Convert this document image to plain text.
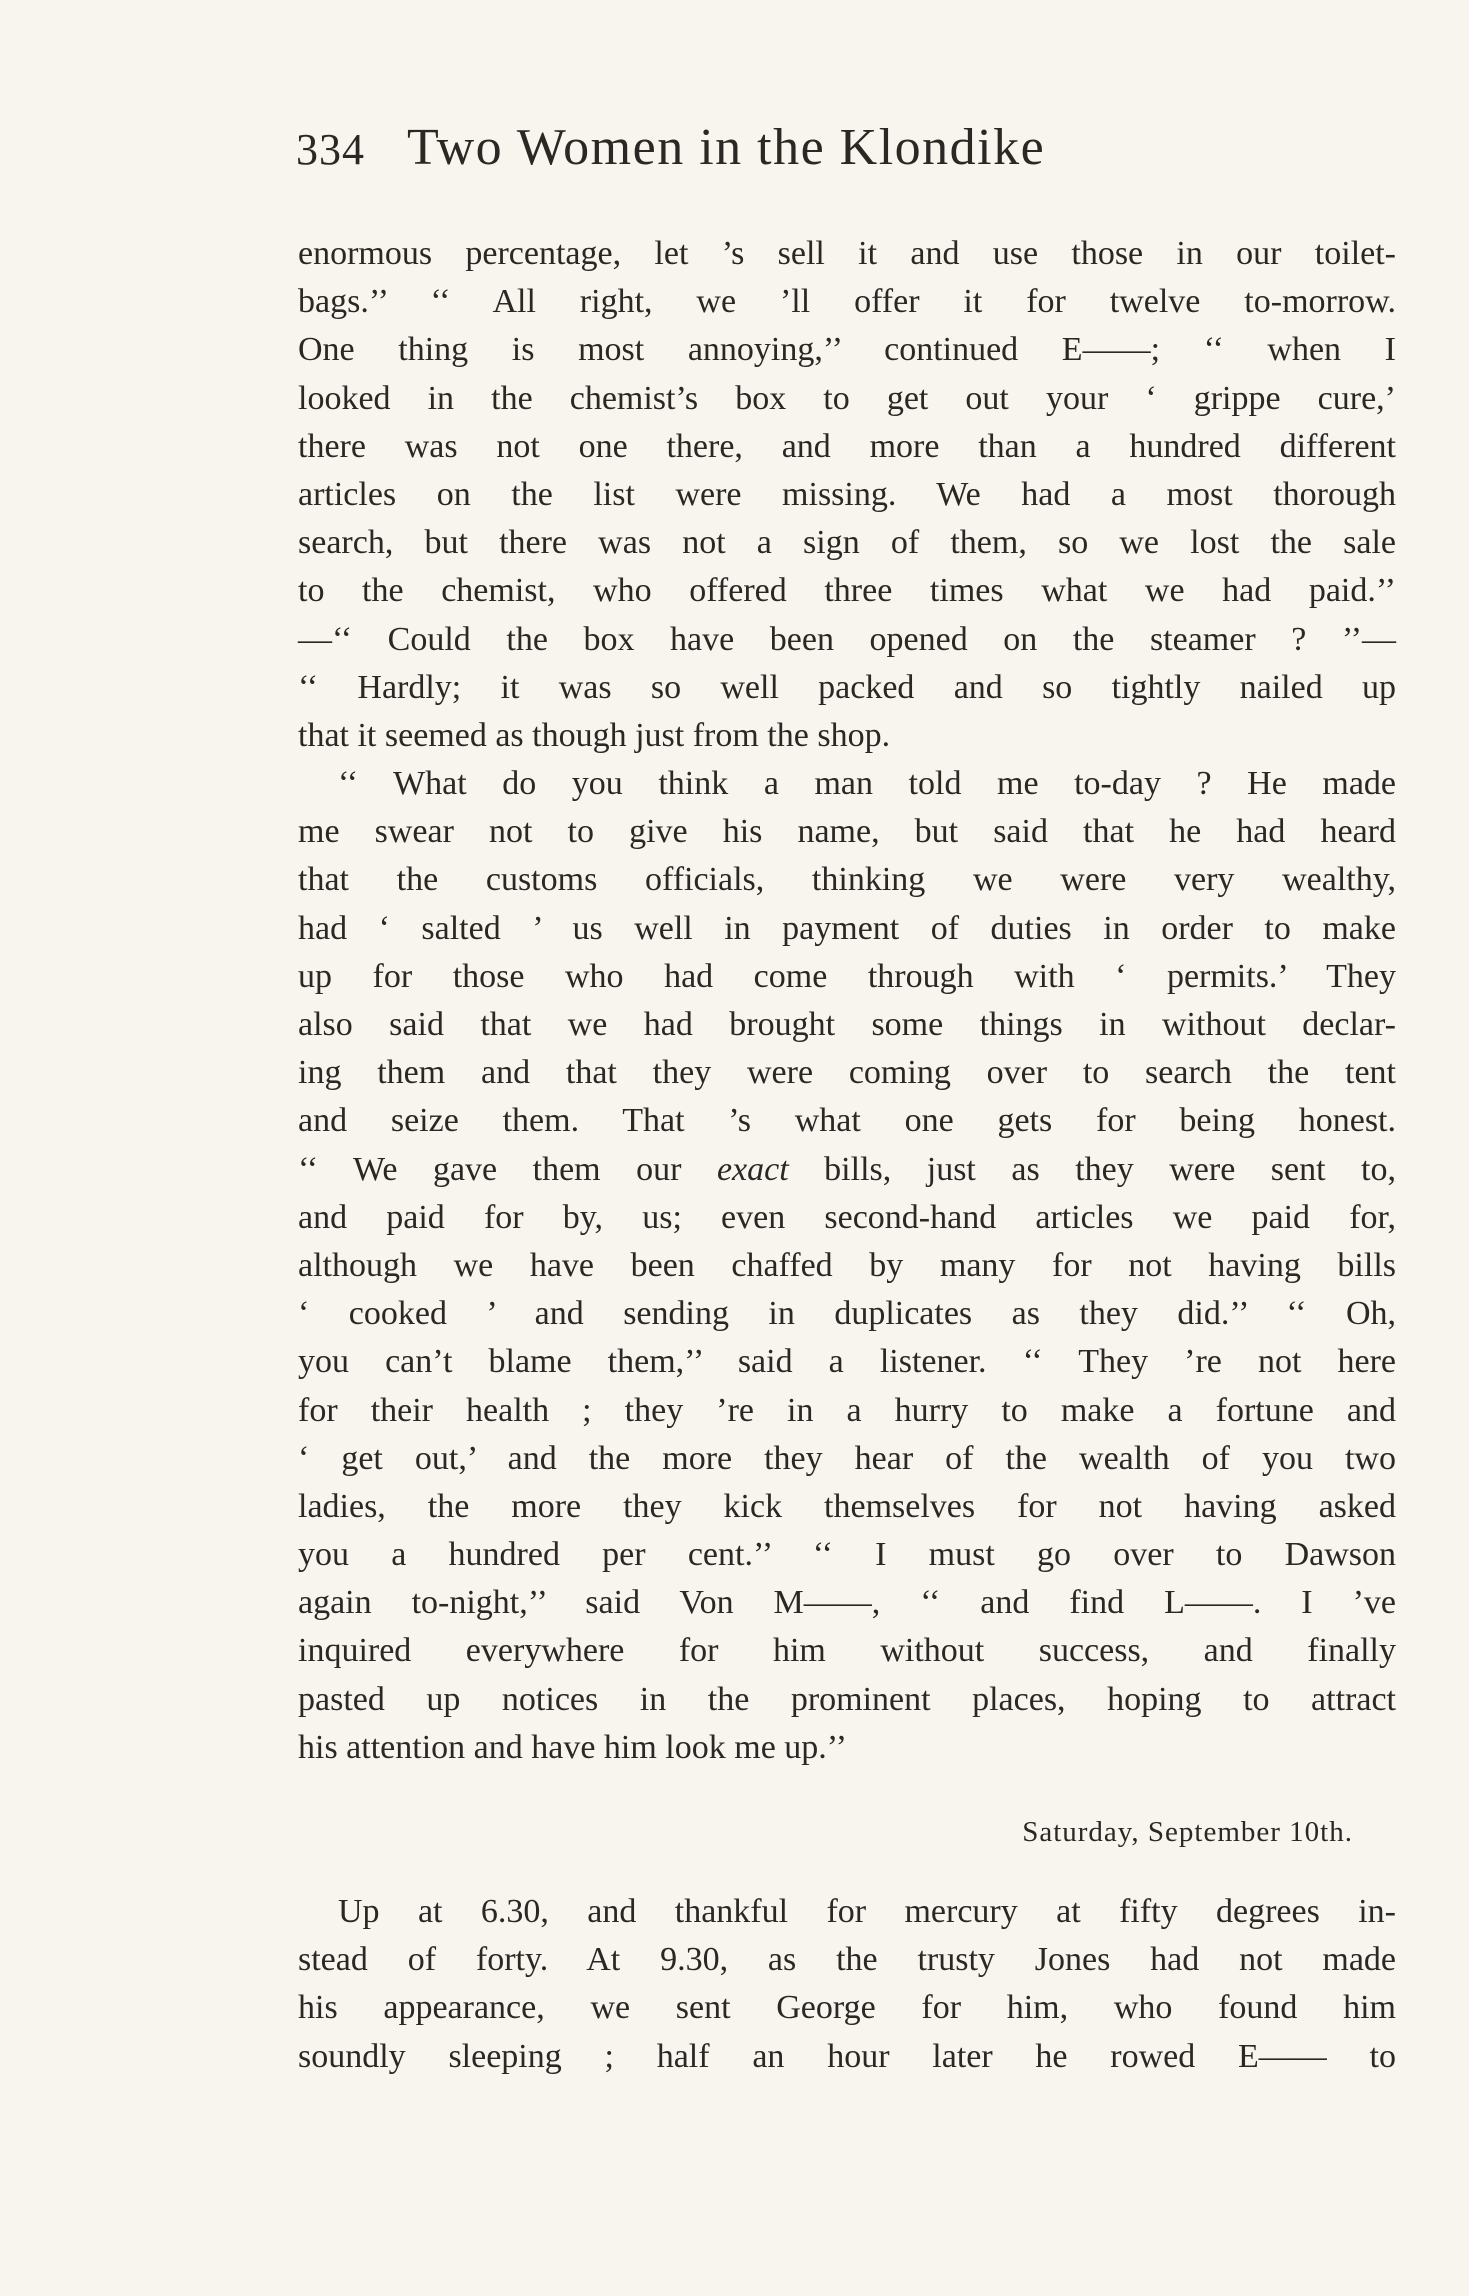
334 Two Women in the Klondike
enormous percentage, let ’s sell it and use those in our toilet-
bags.’’ ‘‘ All right, we ’ll offer it for twelve to-morrow.
One thing is most annoying,’’ continued E——; ‘‘ when I
looked in the chemist’s box to get out your ‘ grippe cure,’
there was not one there, and more than a hundred different
articles on the list were missing. We had a most thorough
search, but there was not a sign of them, so we lost the sale
to the chemist, who offered three times what we had paid.’’
—‘‘ Could the box have been opened on the steamer ? ’’—
‘‘ Hardly; it was so well packed and so tightly nailed up
that it seemed as though just from the shop.
‘‘ What do you think a man told me to-day ? He made
me swear not to give his name, but said that he had heard
that the customs officials, thinking we were very wealthy,
had ‘ salted ’ us well in payment of duties in order to make
up for those who had come through with ‘ permits.’ They
also said that we had brought some things in without declar-
ing them and that they were coming over to search the tent
and seize them. That ’s what one gets for being honest.
‘‘ We gave them our exact bills, just as they were sent to,
and paid for by, us; even second-hand articles we paid for,
although we have been chaffed by many for not having bills
‘ cooked ’ and sending in duplicates as they did.’’ ‘‘ Oh,
you can’t blame them,’’ said a listener. ‘‘ They ’re not here
for their health ; they ’re in a hurry to make a fortune and
‘ get out,’ and the more they hear of the wealth of you two
ladies, the more they kick themselves for not having asked
you a hundred per cent.’’ ‘‘ I must go over to Dawson
again to-night,’’ said Von M——, ‘‘ and find L——. I ’ve
inquired everywhere for him without success, and finally
pasted up notices in the prominent places, hoping to attract
his attention and have him look me up.’’
Saturday, September 10th.
Up at 6.30, and thankful for mercury at fifty degrees in-
stead of forty. At 9.30, as the trusty Jones had not made
his appearance, we sent George for him, who found him
soundly sleeping ; half an hour later he rowed E—— to
